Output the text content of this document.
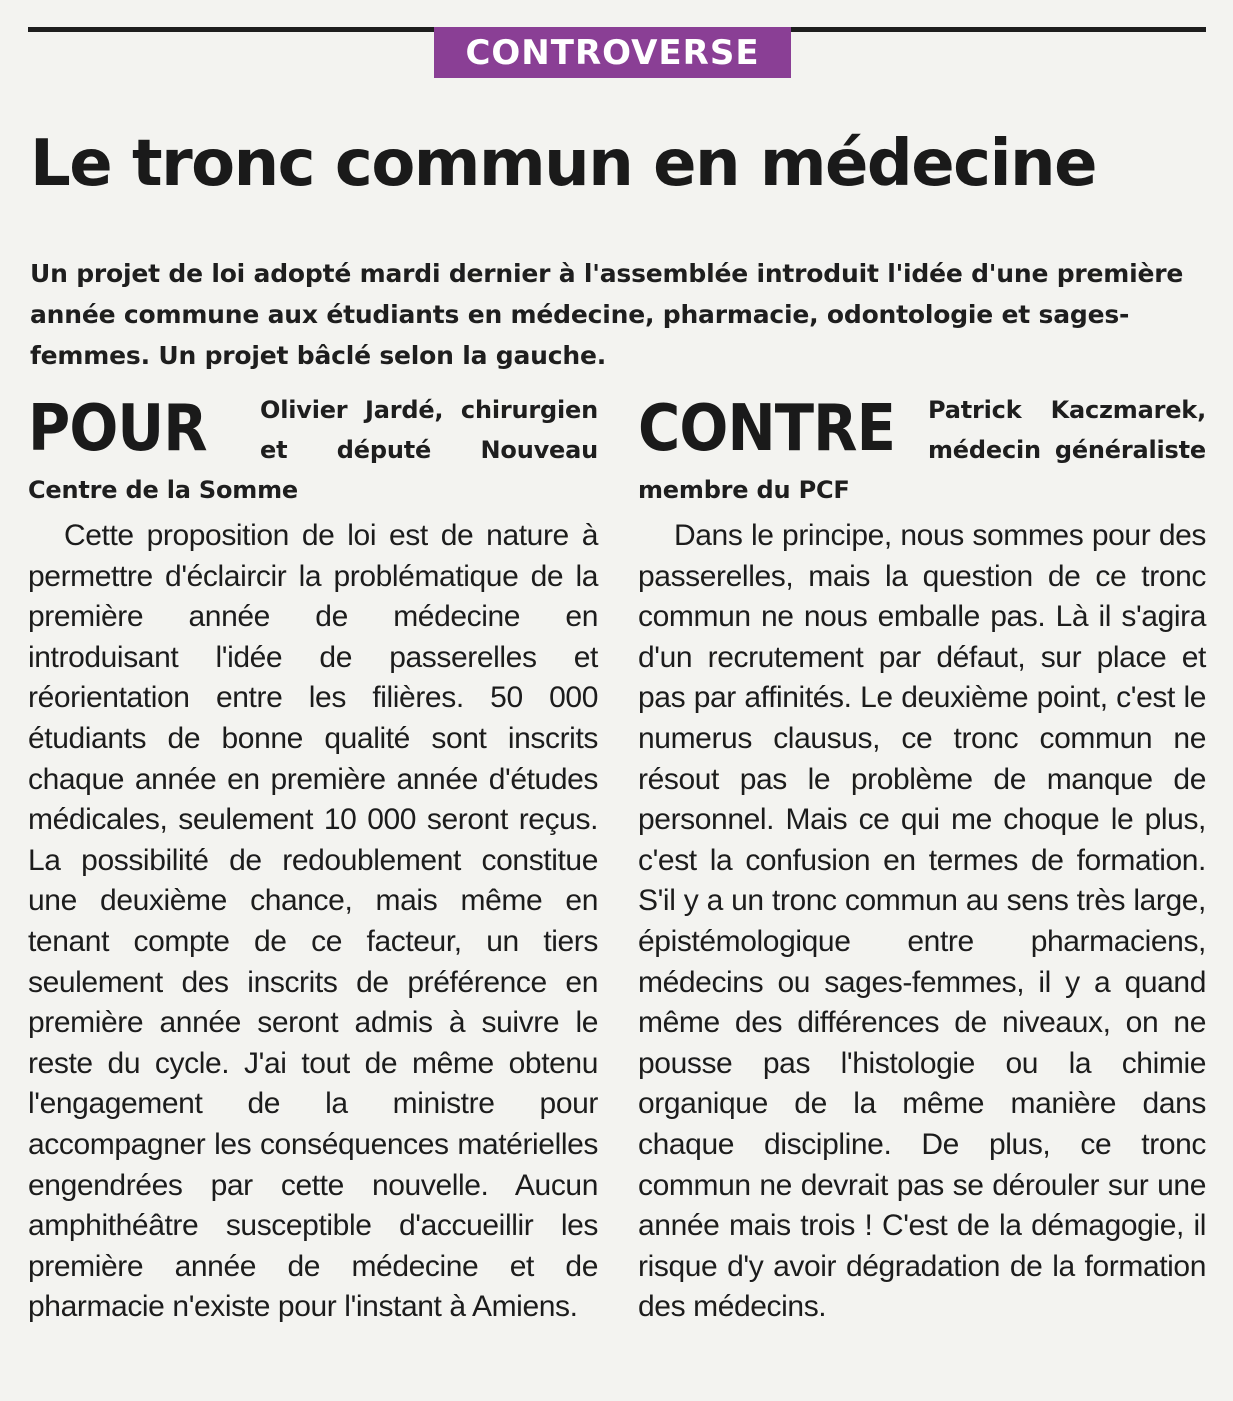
CONTROVERSE
Le tronc commun en médecine
Un projet de loi adopté mardi dernier à l'assemblée introduit l'idée d'une première année commune aux étudiants en médecine, pharmacie, odontologie et sages-femmes. Un projet bâclé selon la gauche.
POUR	Olivier Jardé, chirurgien et député Nouveau Centre de la Somme
Cette proposition de loi est de nature à permettre d'éclaircir la problématique de la première année de médecine en introduisant l'idée de passerelles et réorientation entre les filières. 50 000 étudiants de bonne qualité sont inscrits chaque année en première année d'études médicales, seulement 10 000 seront reçus. La possibilité de redoublement constitue une deuxième chance, mais même en tenant compte de ce facteur, un tiers seulement des inscrits de préférence en première année seront admis à suivre le reste du cycle. J'ai tout de même obtenu l'engagement de la ministre pour accompagner les conséquences matérielles engendrées par cette nouvelle. Aucun amphithéâtre susceptible d'accueillir les première année de médecine et de pharmacie n'existe pour l'instant à Amiens.
CONTRE	Patrick Kaczmarek, médecin généraliste membre du PCF
Dans le principe, nous sommes pour des passerelles, mais la question de ce tronc commun ne nous emballe pas. Là il s'agira d'un recrutement par défaut, sur place et pas par affinités. Le deuxième point, c'est le numerus clausus, ce tronc commun ne résout pas le problème de manque de personnel. Mais ce qui me choque le plus, c'est la confusion en termes de formation. S'il y a un tronc commun au sens très large, épistémologique entre pharmaciens, médecins ou sages-femmes, il y a quand même des différences de niveaux, on ne pousse pas l'histologie ou la chimie organique de la même manière dans chaque discipline. De plus, ce tronc commun ne devrait pas se dérouler sur une année mais trois ! C'est de la démagogie, il risque d'y avoir dégradation de la formation des médecins.
